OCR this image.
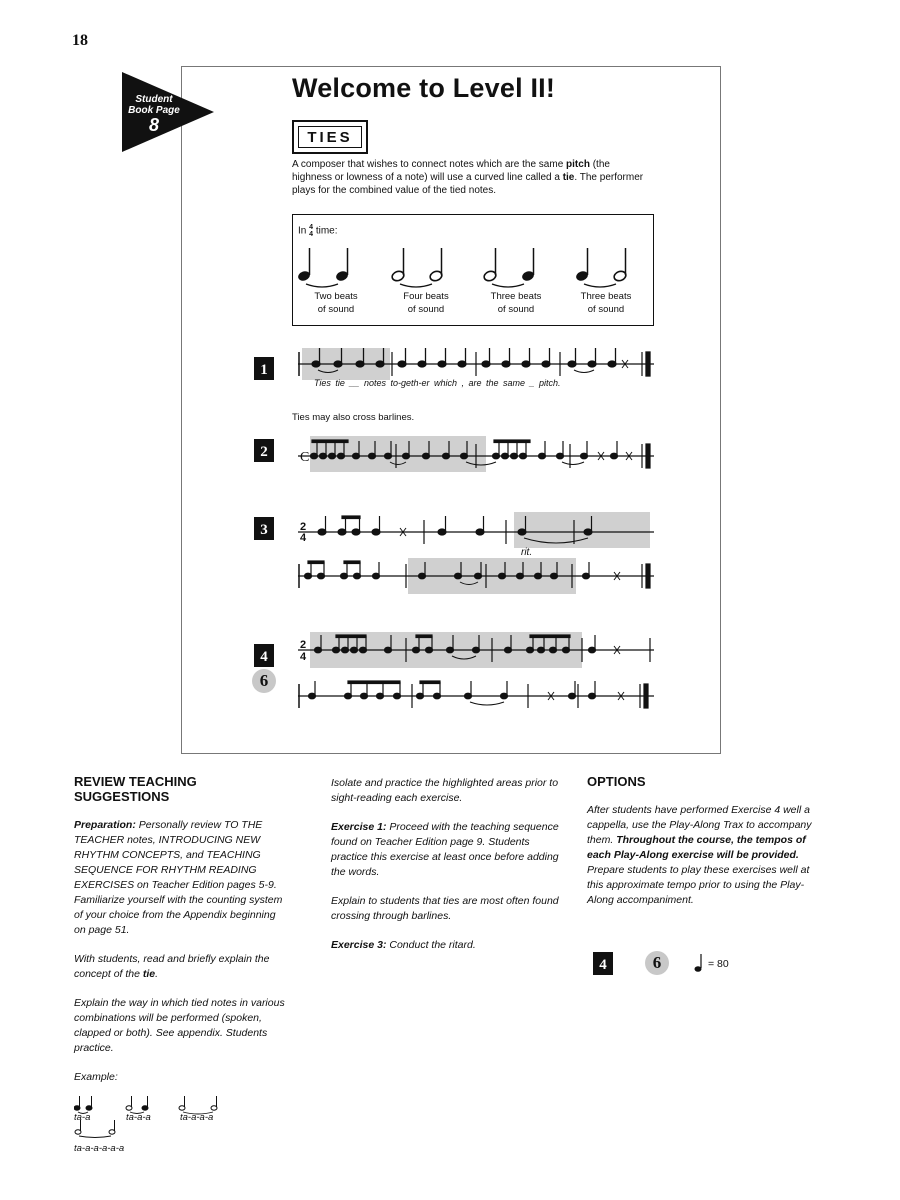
18
Student
Book Page
8
Welcome to Level II!
TIES
A composer that wishes to connect notes which are the same pitch (the highness or lowness of a note) will use a curved line called a tie. The performer plays for the combined value of the tied notes.
In 4
4 time:
Two beats
of sound
Four beats
of sound
Three beats
of sound
Three beats
of sound
1
2
3
4
6
Ties tie __ notes to-geth-er which , are the same _ pitch.
Ties may also cross barlines.
C
2
4
rit.
2
4
REVIEW TEACHING
SUGGESTIONS

Preparation: Personally review TO THE TEACHER notes, INTRODUCING NEW RHYTHM CONCEPTS, and TEACHING SEQUENCE FOR RHYTHM READING EXERCISES on Teacher Edition pages 5-9. Familiarize yourself with the counting system of your choice from the Appendix beginning on page 51.

With students, read and briefly explain the concept of the tie.

Explain the way in which tied notes in various combinations will be performed (spoken, clapped or both). See appendix. Students practice.

Example:
ta-a	ta-a-a	ta-a-a-a
ta-a-a-a-a-a

Isolate and practice the highlighted areas prior to sight-reading each exercise.

Exercise 1: Proceed with the teaching sequence found on Teacher Edition page 9. Students practice this exercise at least once before adding the words.

Explain to students that ties are most often found crossing through barlines.

Exercise 3: Conduct the ritard.

OPTIONS

After students have performed Exercise 4 well a cappella, use the Play-Along Trax to accompany them. Throughout the course, the tempos of each Play-Along exercise will be provided. Prepare students to play these exercises well at this approximate tempo prior to using the Play-Along accompaniment.

4	6	= 80
